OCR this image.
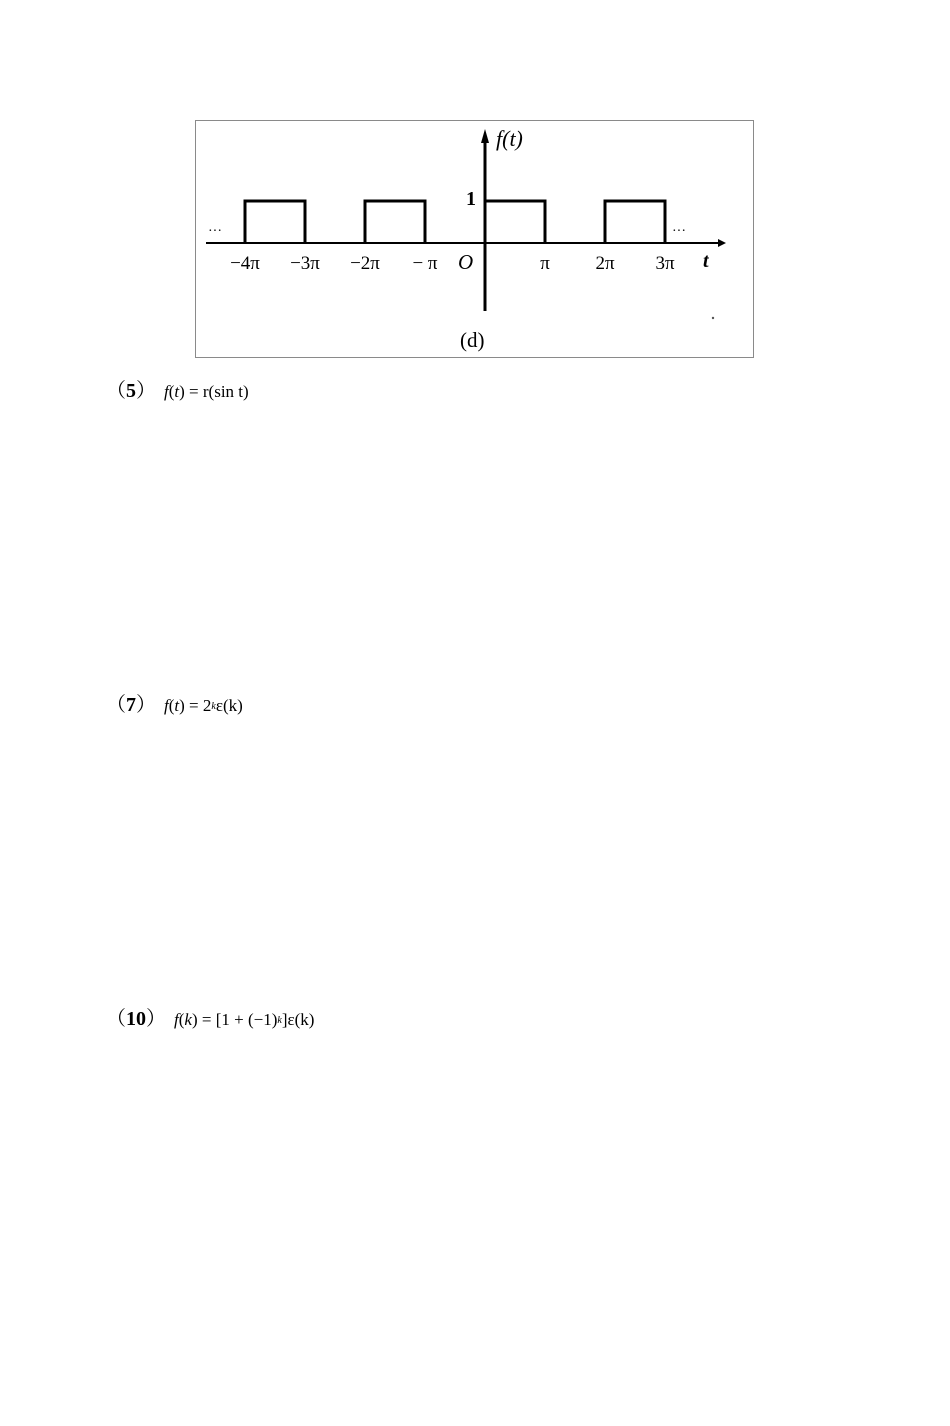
f(t)
1
O	t
···	···
−4π −3π −2π − π	π 2π 3π
(d)
（5） f(t) = r(sin t)
（7） $f(t) = 2^k\varepsilon(k)$
（10） $f(k) = [1 + (-1)^k]\varepsilon(k)$
